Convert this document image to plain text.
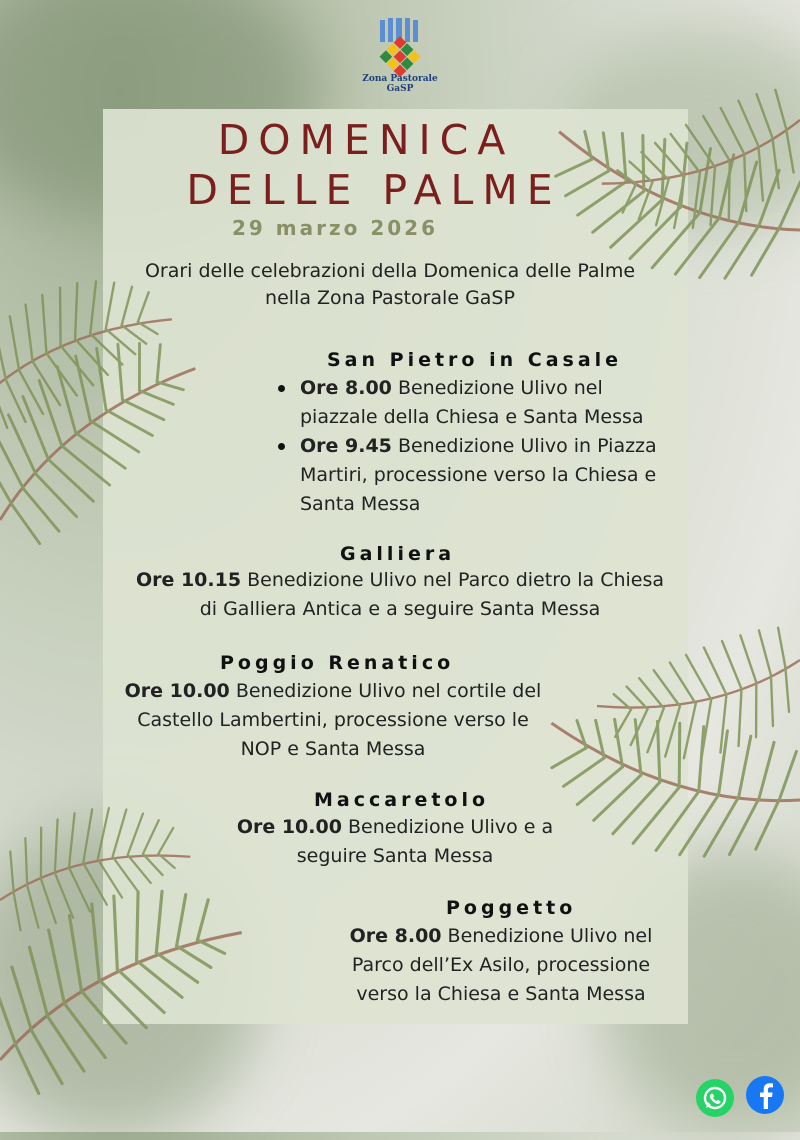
Zona Pastorale GaSP
DOMENICA
DELLE PALME
29 marzo 2026
Orari delle celebrazioni della Domenica delle Palme nella Zona Pastorale GaSP
San Pietro in Casale
Ore 8.00 Benedizione Ulivo nel piazzale della Chiesa e Santa Messa
Ore 9.45 Benedizione Ulivo in Piazza Martiri, processione verso la Chiesa e Santa Messa
Galliera
Ore 10.15 Benedizione Ulivo nel Parco dietro la Chiesa di Galliera Antica e a seguire Santa Messa
Poggio Renatico
Ore 10.00 Benedizione Ulivo nel cortile del Castello Lambertini, processione verso le NOP e Santa Messa
Maccaretolo
Ore 10.00 Benedizione Ulivo e a seguire Santa Messa
Poggetto
Ore 8.00 Benedizione Ulivo nel Parco dell’Ex Asilo, processione verso la Chiesa e Santa Messa
